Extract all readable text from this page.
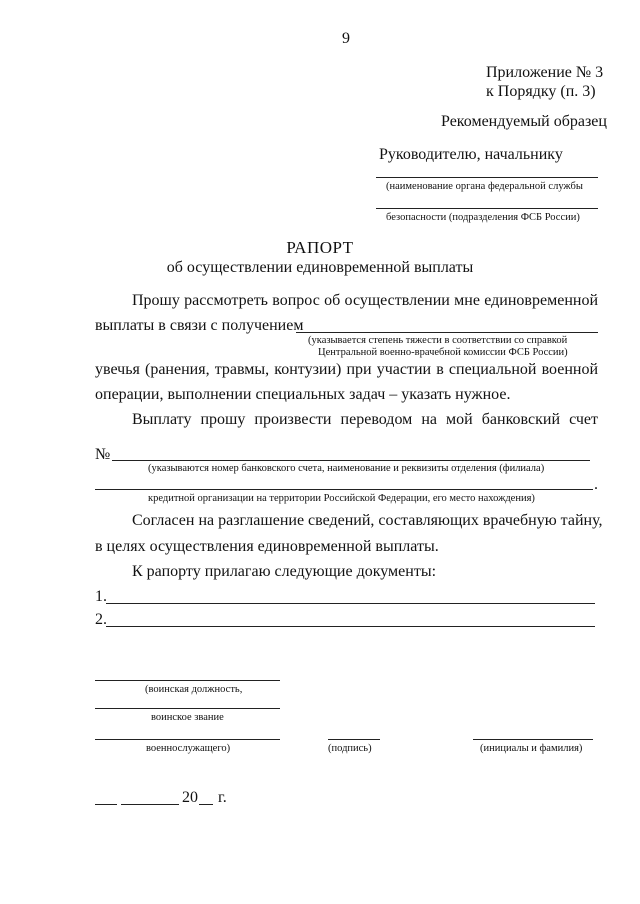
9
Приложение № 3
к Порядку (п. 3)
Рекомендуемый образец
Руководителю, начальнику
(наименование органа федеральной службы
безопасности (подразделения ФСБ России)
РАПОРТ
об осуществлении единовременной выплаты
Прошу рассмотреть вопрос об осуществлении мне единовременной
выплаты в связи с получением
(указывается степень тяжести в соответствии со справкой
Центральной военно-врачебной комиссии ФСБ России)
увечья (ранения, травмы, контузии) при участии в специальной военной
операции, выполнении специальных задач – указать нужное.
Выплату прошу произвести переводом на мой банковский счет
№
(указываются номер банковского счета, наименование и реквизиты отделения (филиала)
.
кредитной организации на территории Российской Федерации, его место нахождения)
Согласен на разглашение сведений, составляющих врачебную тайну,
в целях осуществления единовременной выплаты.
К рапорту прилагаю следующие документы:
1.
2.
(воинская должность,
воинское звание
военнослужащего)	(подпись)	(инициалы и фамилия)
20 г.
